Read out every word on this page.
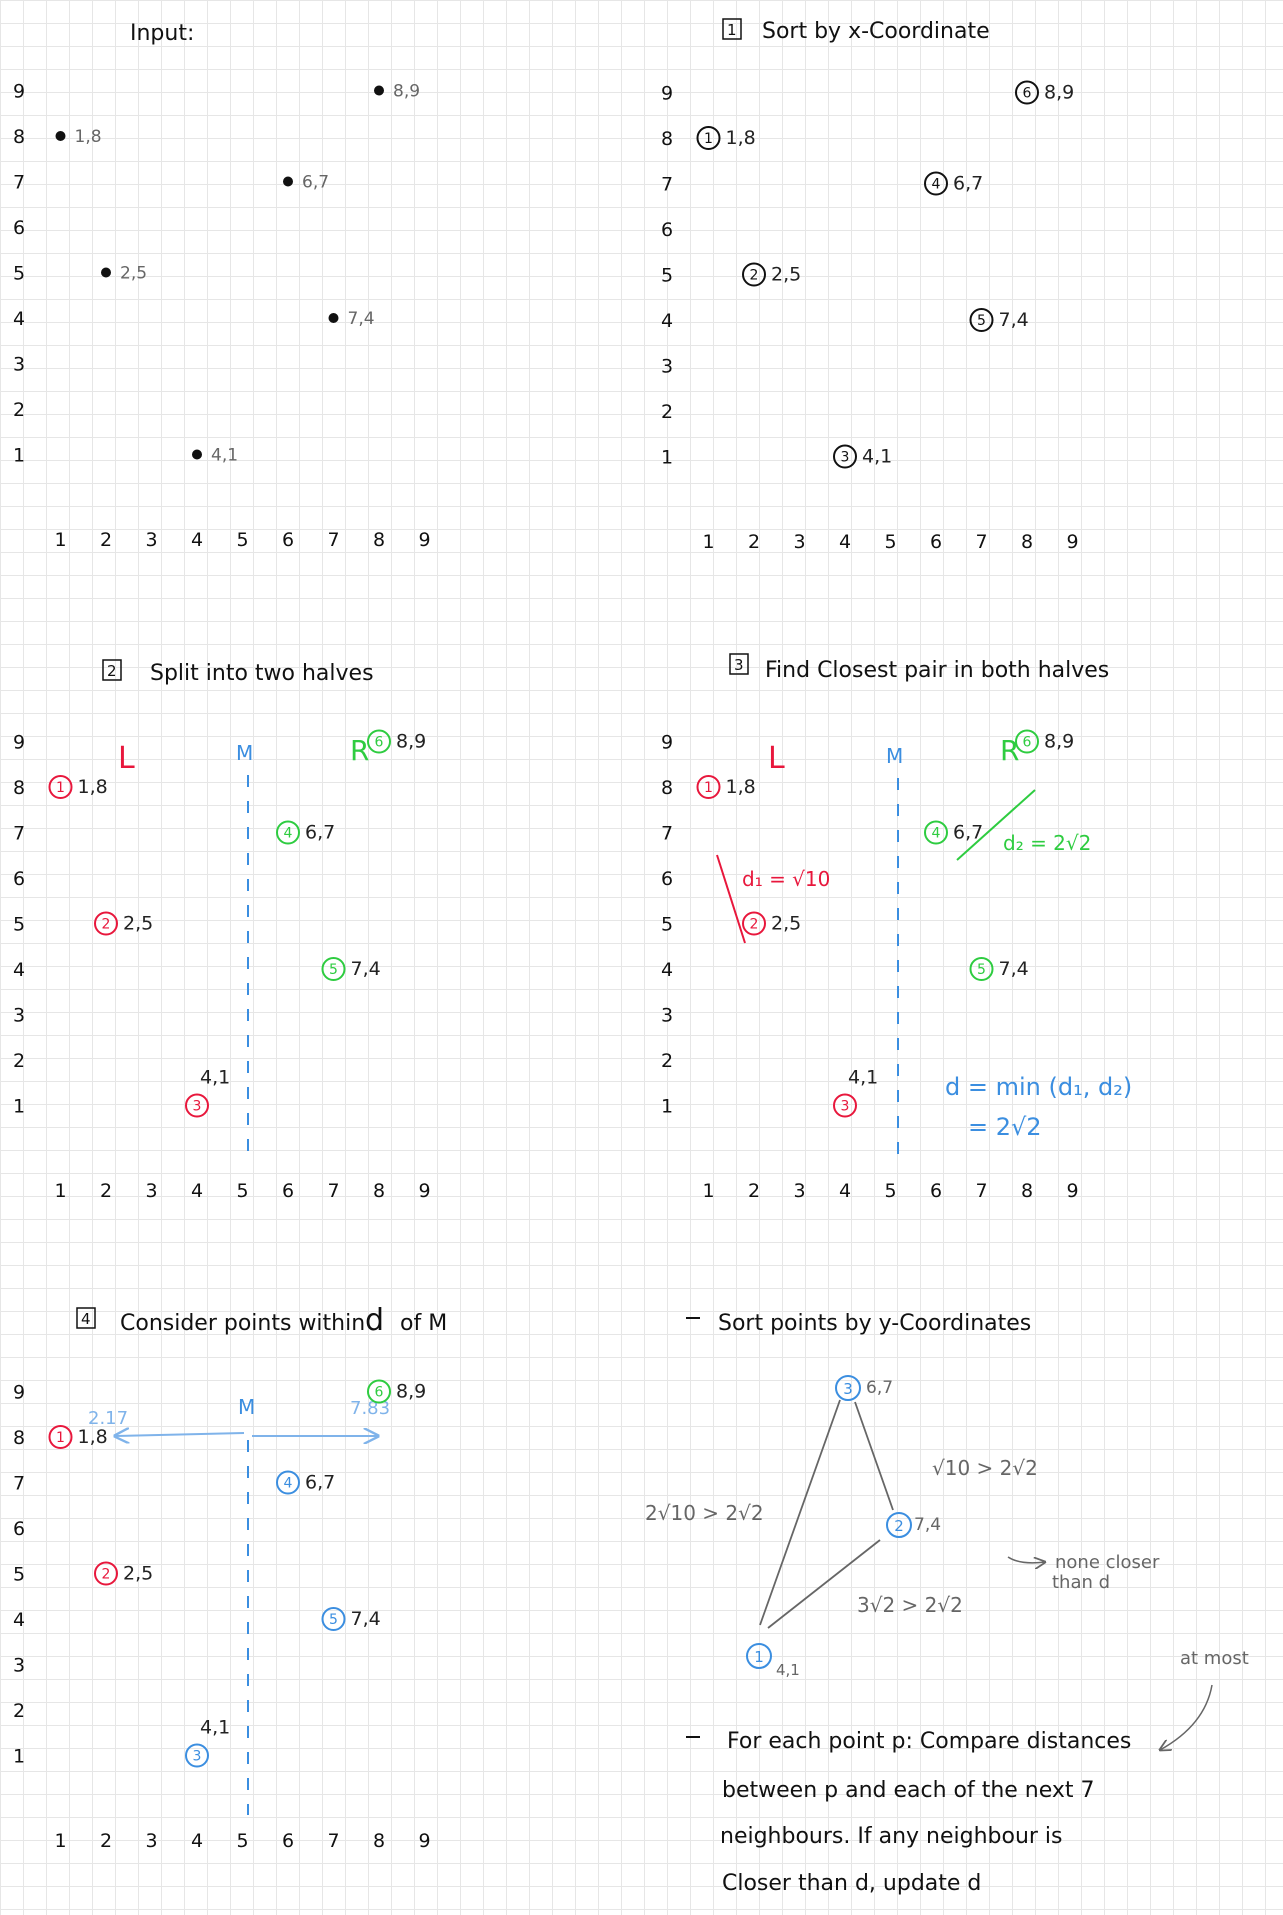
Input:
1
1
2
2
3
3
4
4
5
5
6
6
7
7
8
8
9
9	8,9
1,8
6,7
2,5
7,4
4,1
1 Sort by x-Coordinate
1
1
2
2
3
3
4
4
5
5
6
6
7
7
8
8
9
9
1 1,8
2 2,5
3 4,1
4 6,7
5 7,4
6 8,9
2 Split into two halves
L	M	R
1
1
2
2
3
3
4
4
5
5
6
6
7
7
8
8
9
9
1 1,8
2 2,5
3
4,1
4 6,7
5 7,4
6 8,9
3 Find Closest pair in both halves
L	M	R
d₁ = √10
d₂ = 2√2
d = min (d₁, d₂)
= 2√2
1
1
2
2
3
3
4
4
5
5
6
6
7
7
8
8
9
9
1 1,8
2 2,5
3
4,1
4 6,7
5 7,4
6 8,9
4 Consider points within d of M
M
2.17	7.83
1
1
2
2
3
3
4
4
5
5
6
6
7
7
8
8
9
9
1 1,8
2 2,5
3
4,1
4 6,7
5 7,4
6 8,9
Sort points by y-Coordinates
3 6,7
2 7,4
1
4,1
√10 > 2√2
2√10 > 2√2
3√2 > 2√2
none closer
than d
at most
For each point p: Compare distances
between p and each of the next 7
neighbours. If any neighbour is
Closer than d, update d
